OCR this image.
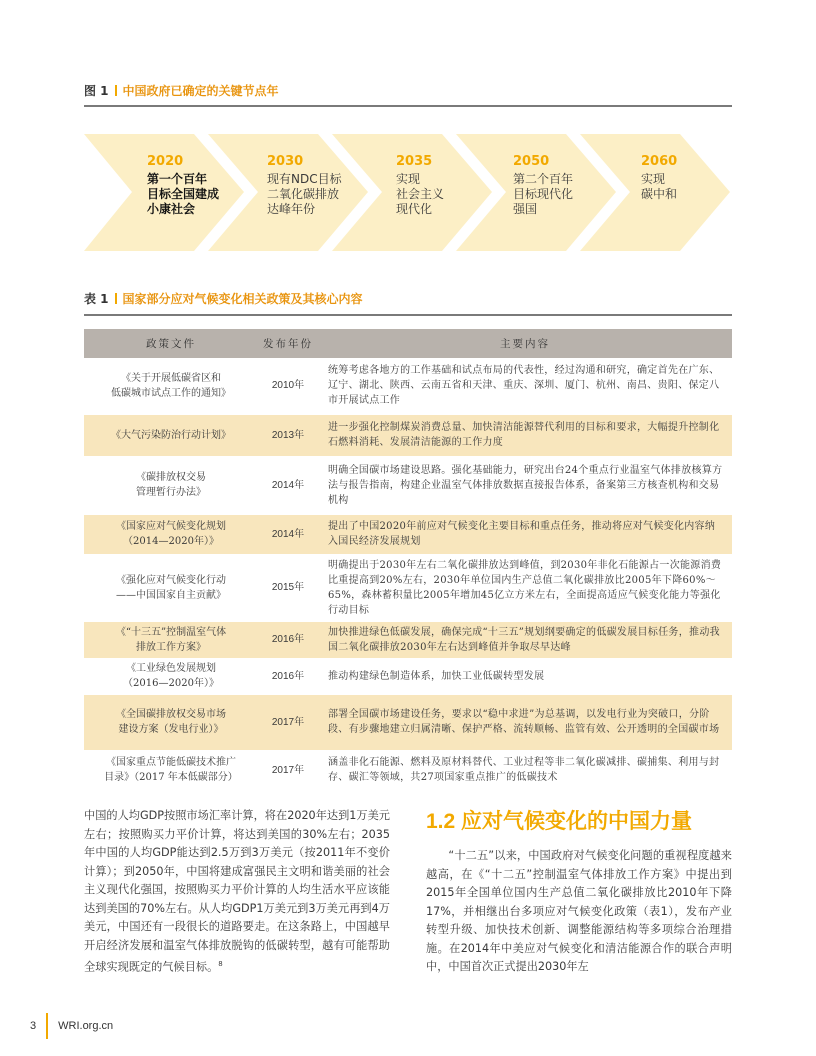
图 1 中国政府已确定的关键节点年
2020
第一个百年
目标全国建成
小康社会
2030
现有NDC目标
二氧化碳排放
达峰年份
2035
实现
社会主义
现代化
2050
第二个百年
目标现代化
强国
2060
实现
碳中和
表 1 国家部分应对气候变化相关政策及其核心内容
政策文件	发布年份	主要内容
《关于开展低碳省区和
低碳城市试点工作的通知》	2010年	统筹考虑各地方的工作基础和试点布局的代表性，经过沟通和研究，确定首先在广东、辽宁、湖北、陕西、云南五省和天津、重庆、深圳、厦门、杭州、南昌、贵阳、保定八市开展试点工作
《大气污染防治行动计划》	2013年	进一步强化控制煤炭消费总量、加快清洁能源替代利用的目标和要求，大幅提升控制化石燃料消耗、发展清洁能源的工作力度
《碳排放权交易
管理暂行办法》	2014年	明确全国碳市场建设思路。强化基础能力，研究出台24个重点行业温室气体排放核算方法与报告指南，构建企业温室气体排放数据直接报告体系，备案第三方核查机构和交易机构
《国家应对气候变化规划
（2014—2020年）》	2014年	提出了中国2020年前应对气候变化主要目标和重点任务，推动将应对气候变化内容纳入国民经济发展规划
《强化应对气候变化行动
——中国国家自主贡献》	2015年	明确提出于2030年左右二氧化碳排放达到峰值，到2030年非化石能源占一次能源消费比重提高到20%左右，2030年单位国内生产总值二氧化碳排放比2005年下降60%～65%，森林蓄积量比2005年增加45亿立方米左右，全面提高适应气候变化能力等强化行动目标
《“十三五”控制温室气体
排放工作方案》	2016年	加快推进绿色低碳发展，确保完成“十三五”规划纲要确定的低碳发展目标任务，推动我国二氧化碳排放2030年左右达到峰值并争取尽早达峰
《工业绿色发展规划
（2016—2020年）》	2016年	推动构建绿色制造体系，加快工业低碳转型发展
《全国碳排放权交易市场
建设方案（发电行业）》	2017年	部署全国碳市场建设任务，要求以“稳中求进”为总基调，以发电行业为突破口，分阶段、有步骤地建立归属清晰、保护严格、流转顺畅、监管有效、公开透明的全国碳市场
《国家重点节能低碳技术推广
目录》（2017 年本低碳部分）	2017年	涵盖非化石能源、燃料及原材料替代、工业过程等非二氧化碳减排、碳捕集、利用与封存、碳汇等领域，共27项国家重点推广的低碳技术
中国的人均GDP按照市场汇率计算，将在2020年达到1万美元左右；按照购买力平价计算，将达到美国的30%左右；2035年中国的人均GDP能达到2.5万到3万美元（按2011年不变价计算）；到2050年，中国将建成富强民主文明和谐美丽的社会主义现代化强国，按照购买力平价计算的人均生活水平应该能达到美国的70%左右。从人均GDP1万美元到3万美元再到4万美元，中国还有一段很长的道路要走。在这条路上，中国越早开启经济发展和温室气体排放脱钩的低碳转型，越有可能帮助全球实现既定的气候目标。$^8$
1.2 应对气候变化的中国力量
“十二五”以来，中国政府对气候变化问题的重视程度越来越高，在《“十二五”控制温室气体排放工作方案》中提出到2015年全国单位国内生产总值二氧化碳排放比2010年下降17%，并相继出台多项应对气候变化政策（表1），发布产业转型升级、加快技术创新、调整能源结构等多项综合治理措施。在2014年中美应对气候变化和清洁能源合作的联合声明中，中国首次正式提出2030年左
3 WRI.org.cn
